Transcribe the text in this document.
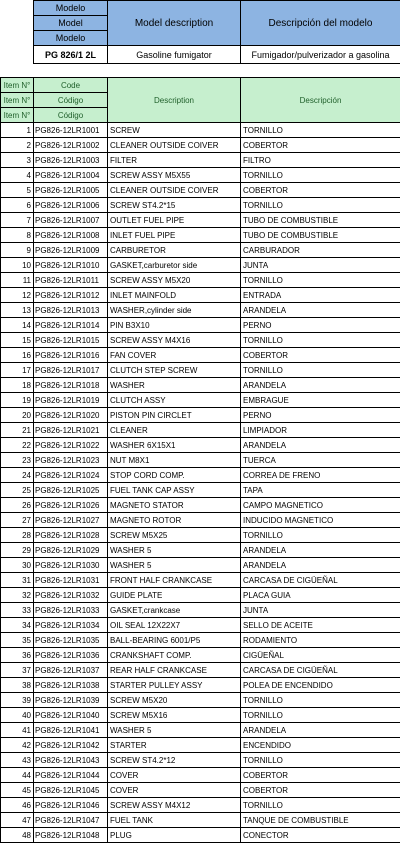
Modelo	Model description	Descripción del modelo
Model		
Modelo		
PG 826/1 2L	Gasoline fumigator	Fumigador/pulverizador a gasolina
Item N°	Code	Description	Descripción
Item N°	Código		
Item N°	Código		
1	PG826-12LR1001	SCREW	TORNILLO
2	PG826-12LR1002	CLEANER OUTSIDE COIVER	COBERTOR
3	PG826-12LR1003	FILTER	FILTRO
4	PG826-12LR1004	SCREW ASSY M5X55	TORNILLO
5	PG826-12LR1005	CLEANER OUTSIDE COIVER	COBERTOR
6	PG826-12LR1006	SCREW ST4.2*15	TORNILLO
7	PG826-12LR1007	OUTLET FUEL PIPE	TUBO DE COMBUSTIBLE
8	PG826-12LR1008	INLET FUEL PIPE	TUBO DE COMBUSTIBLE
9	PG826-12LR1009	CARBURETOR	CARBURADOR
10	PG826-12LR1010	GASKET,carburetor side	JUNTA
11	PG826-12LR1011	SCREW ASSY M5X20	TORNILLO
12	PG826-12LR1012	INLET MAINFOLD	ENTRADA
13	PG826-12LR1013	WASHER,cylinder side	ARANDELA
14	PG826-12LR1014	PIN B3X10	PERNO
15	PG826-12LR1015	SCREW ASSY M4X16	TORNILLO
16	PG826-12LR1016	FAN COVER	COBERTOR
17	PG826-12LR1017	CLUTCH STEP SCREW	TORNILLO
18	PG826-12LR1018	WASHER	ARANDELA
19	PG826-12LR1019	CLUTCH ASSY	EMBRAGUE
20	PG826-12LR1020	PISTON PIN CIRCLET	PERNO
21	PG826-12LR1021	CLEANER	LIMPIADOR
22	PG826-12LR1022	WASHER 6X15X1	ARANDELA
23	PG826-12LR1023	NUT M8X1	TUERCA
24	PG826-12LR1024	STOP CORD COMP.	CORREA DE FRENO
25	PG826-12LR1025	FUEL TANK CAP ASSY	TAPA
26	PG826-12LR1026	MAGNETO STATOR	CAMPO MAGNETICO
27	PG826-12LR1027	MAGNETO ROTOR	INDUCIDO MAGNETICO
28	PG826-12LR1028	SCREW M5X25	TORNILLO
29	PG826-12LR1029	WASHER 5	ARANDELA
30	PG826-12LR1030	WASHER 5	ARANDELA
31	PG826-12LR1031	FRONT HALF CRANKCASE	CARCASA DE CIGÜEÑAL
32	PG826-12LR1032	GUIDE PLATE	PLACA GUIA
33	PG826-12LR1033	GASKET,crankcase	JUNTA
34	PG826-12LR1034	OIL SEAL 12X22X7	SELLO DE ACEITE
35	PG826-12LR1035	BALL-BEARING 6001/P5	RODAMIENTO
36	PG826-12LR1036	CRANKSHAFT COMP.	CIGÜEÑAL
37	PG826-12LR1037	REAR HALF CRANKCASE	CARCASA DE CIGÜEÑAL
38	PG826-12LR1038	STARTER PULLEY ASSY	POLEA DE ENCENDIDO
39	PG826-12LR1039	SCREW M5X20	TORNILLO
40	PG826-12LR1040	SCREW M5X16	TORNILLO
41	PG826-12LR1041	WASHER 5	ARANDELA
42	PG826-12LR1042	STARTER	ENCENDIDO
43	PG826-12LR1043	SCREW ST4.2*12	TORNILLO
44	PG826-12LR1044	COVER	COBERTOR
45	PG826-12LR1045	COVER	COBERTOR
46	PG826-12LR1046	SCREW ASSY M4X12	TORNILLO
47	PG826-12LR1047	FUEL TANK	TANQUE DE COMBUSTIBLE
48	PG826-12LR1048	PLUG	CONECTOR
